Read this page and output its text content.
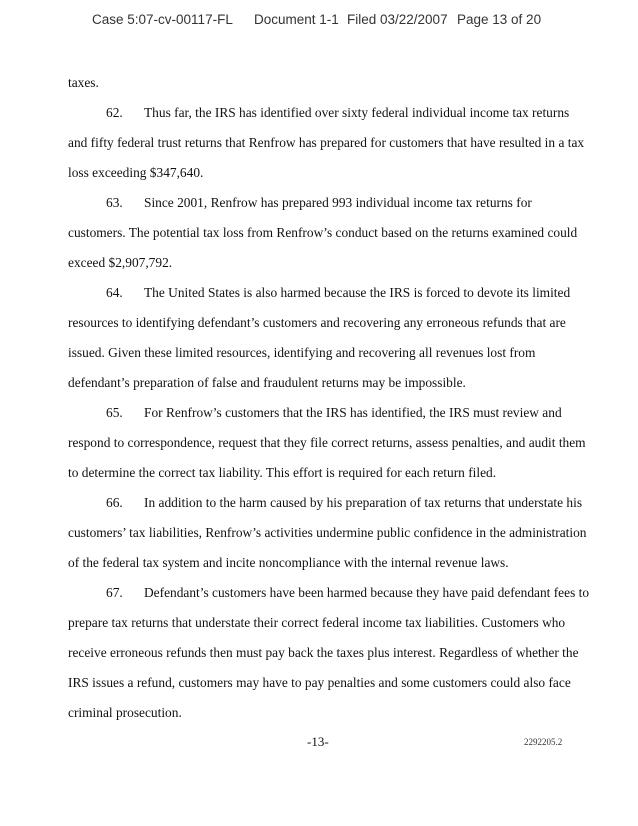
Case 5:07-cv-00117-FL Document 1-1 Filed 03/22/2007 Page 13 of 20
taxes.
62. Thus far, the IRS has identified over sixty federal individual income tax returns
and fifty federal trust returns that Renfrow has prepared for customers that have resulted in a tax
loss exceeding $347,640.
63. Since 2001, Renfrow has prepared 993 individual income tax returns for
customers. The potential tax loss from Renfrow’s conduct based on the returns examined could
exceed $2,907,792.
64. The United States is also harmed because the IRS is forced to devote its limited
resources to identifying defendant’s customers and recovering any erroneous refunds that are
issued. Given these limited resources, identifying and recovering all revenues lost from
defendant’s preparation of false and fraudulent returns may be impossible.
65. For Renfrow’s customers that the IRS has identified, the IRS must review and
respond to correspondence, request that they file correct returns, assess penalties, and audit them
to determine the correct tax liability. This effort is required for each return filed.
66. In addition to the harm caused by his preparation of tax returns that understate his
customers’ tax liabilities, Renfrow’s activities undermine public confidence in the administration
of the federal tax system and incite noncompliance with the internal revenue laws.
67. Defendant’s customers have been harmed because they have paid defendant fees to
prepare tax returns that understate their correct federal income tax liabilities. Customers who
receive erroneous refunds then must pay back the taxes plus interest. Regardless of whether the
IRS issues a refund, customers may have to pay penalties and some customers could also face
criminal prosecution.
-13-	2292205.2
